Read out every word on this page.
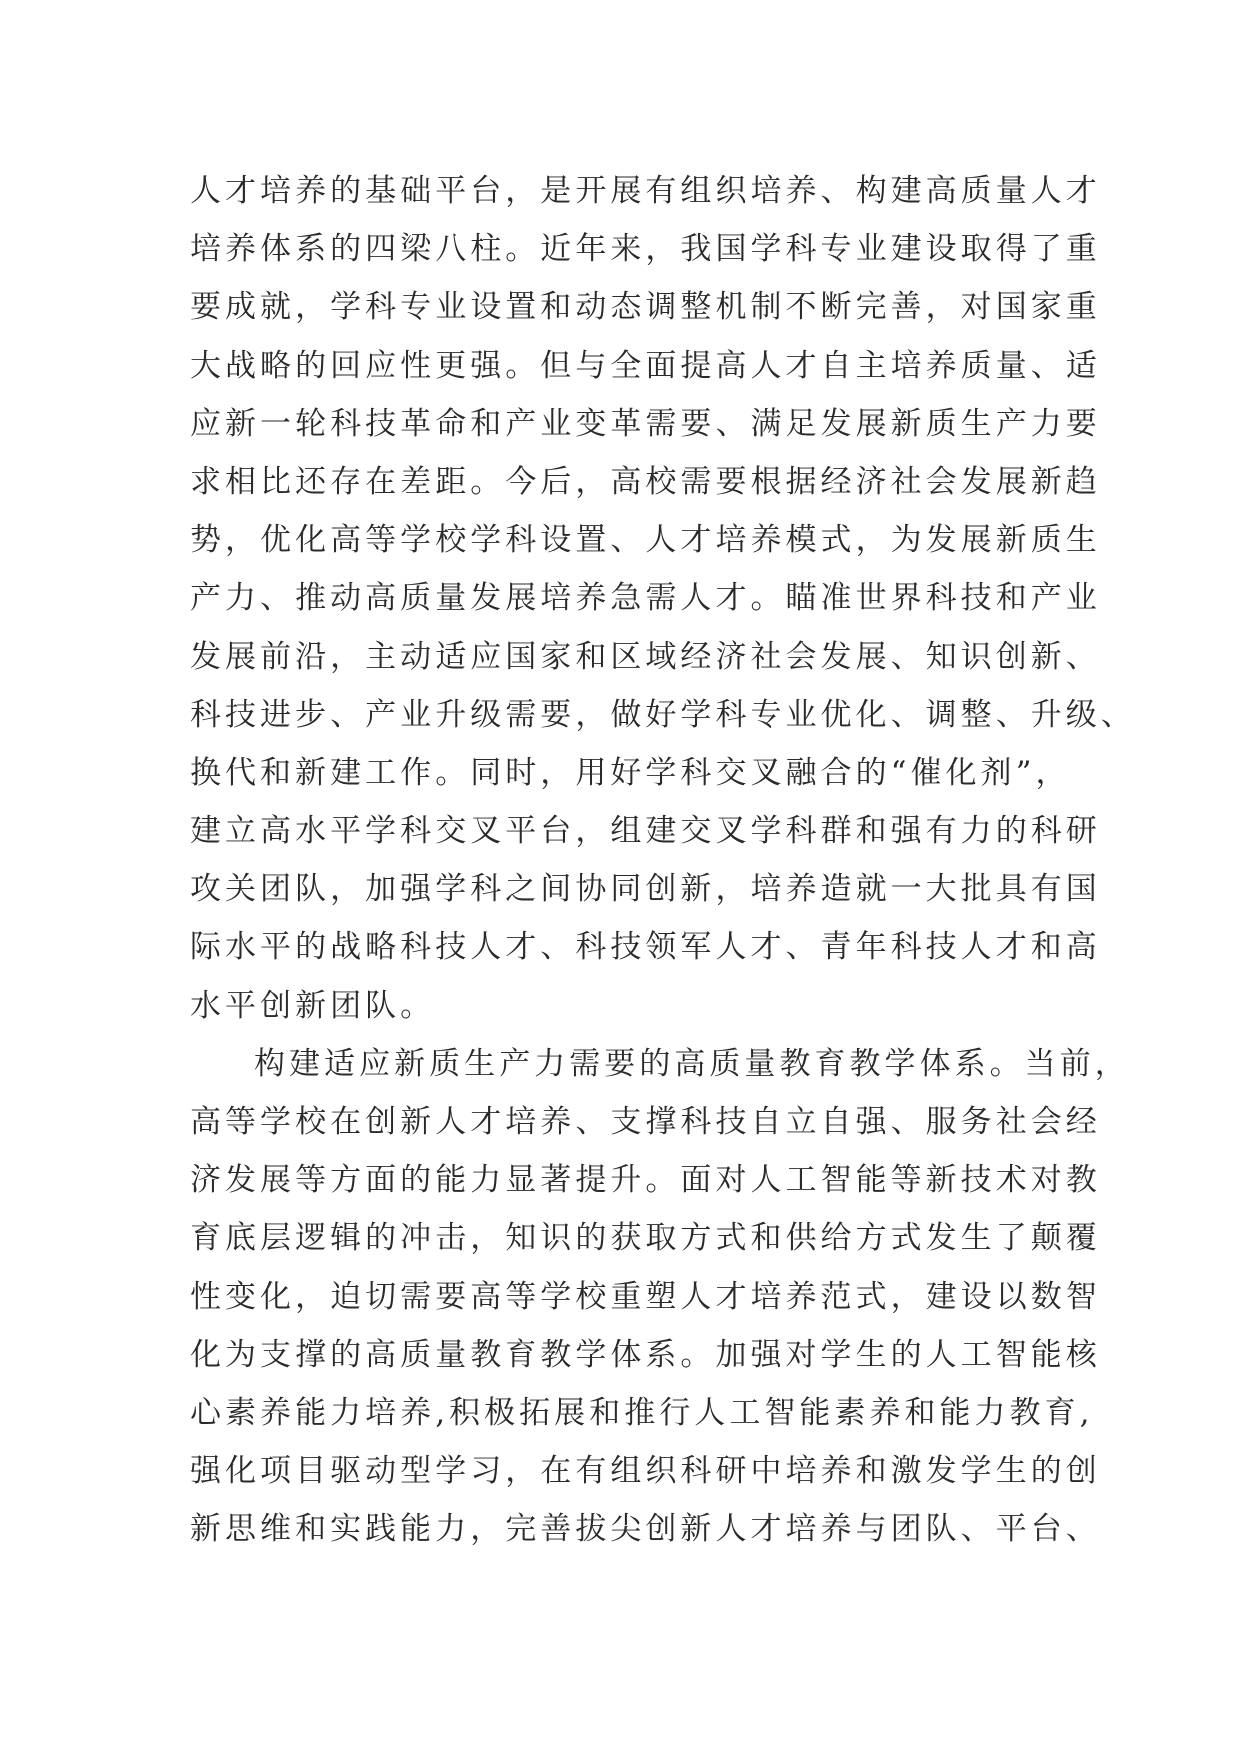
人才培养的基础平台，是开展有组织培养、构建高质量人才
培养体系的四梁八柱。近年来，我国学科专业建设取得了重
要成就，学科专业设置和动态调整机制不断完善，对国家重
大战略的回应性更强。但与全面提高人才自主培养质量、适
应新一轮科技革命和产业变革需要、满足发展新质生产力要
求相比还存在差距。今后，高校需要根据经济社会发展新趋
势，优化高等学校学科设置、人才培养模式，为发展新质生
产力、推动高质量发展培养急需人才。瞄准世界科技和产业
发展前沿，主动适应国家和区域经济社会发展、知识创新、
科技进步、产业升级需要，做好学科专业优化、调整、升级、
换代和新建工作。同时，用好学科交叉融合的“催化剂”，
建立高水平学科交叉平台，组建交叉学科群和强有力的科研
攻关团队，加强学科之间协同创新，培养造就一大批具有国
际水平的战略科技人才、科技领军人才、青年科技人才和高
水平创新团队。
构建适应新质生产力需要的高质量教育教学体系。当前，
高等学校在创新人才培养、支撑科技自立自强、服务社会经
济发展等方面的能力显著提升。面对人工智能等新技术对教
育底层逻辑的冲击，知识的获取方式和供给方式发生了颠覆
性变化，迫切需要高等学校重塑人才培养范式，建设以数智
化为支撑的高质量教育教学体系。加强对学生的人工智能核
心素养能力培养,积极拓展和推行人工智能素养和能力教育,
强化项目驱动型学习，在有组织科研中培养和激发学生的创
新思维和实践能力，完善拔尖创新人才培养与团队、平台、
